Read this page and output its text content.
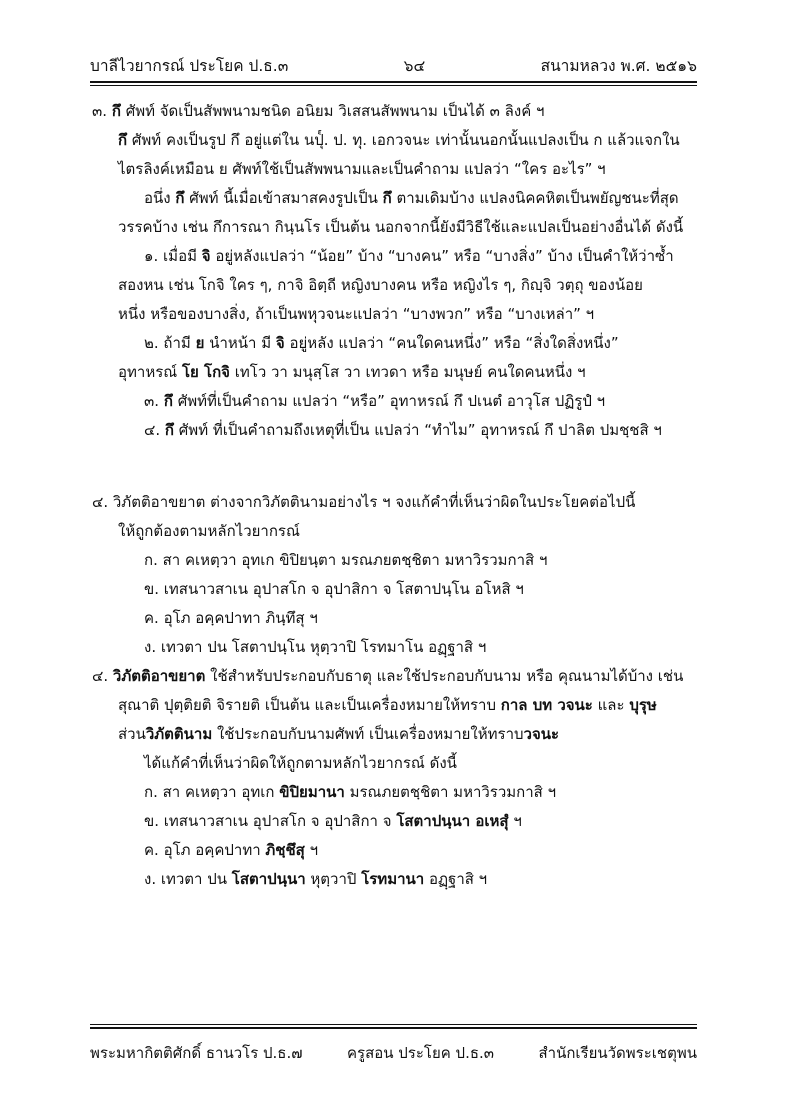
บาลีไวยากรณ์ ประโยค ป.ธ.๓	๖๔	สนามหลวง พ.ศ. ๒๕๑๖
๓. กึ ศัพท์ จัดเป็นสัพพนามชนิด อนิยม วิเสสนสัพพนาม เป็นได้ ๓ ลิงค์ ฯ
กึ ศัพท์ คงเป็นรูป กึ อยู่แต่ใน นปุ๎. ป. ทุ. เอกวจนะ เท่านั้นนอกนั้นแปลงเป็น ก แล้วแจกใน
ไตรลิงค์เหมือน ย ศัพท์ใช้เป็นสัพพนามและเป็นคำถาม แปลว่า “ใคร อะไร” ฯ
อนึ่ง กึ ศัพท์ นี้เมื่อเข้าสมาสคงรูปเป็น กึ ตามเดิมบ้าง แปลงนิคคหิตเป็นพยัญชนะที่สุด
วรรคบ้าง เช่น กึการณา กินฺนโร เป็นต้น นอกจากนี้ยังมีวิธีใช้และแปลเป็นอย่างอื่นได้ ดังนี้
๑. เมื่อมี จิ อยู่หลังแปลว่า “น้อย” บ้าง “บางคน” หรือ “บางสิ่ง” บ้าง เป็นคำให้ว่าซ้ำ
สองหน เช่น โกจิ ใคร ๆ, กาจิ อิตฺถี หญิงบางคน หรือ หญิงไร ๆ, กิญฺจิ วตฺถุ ของน้อย
หนึ่ง หรือของบางสิ่ง, ถ้าเป็นพหุวจนะแปลว่า “บางพวก” หรือ “บางเหล่า” ฯ
๒. ถ้ามี ย นำหน้า มี จิ อยู่หลัง แปลว่า “คนใดคนหนึ่ง” หรือ “สิ่งใดสิ่งหนึ่ง”
อุทาหรณ์ โย โกจิ เทโว วา มนุสฺโส วา เทวดา หรือ มนุษย์ คนใดคนหนึ่ง ฯ
๓. กึ ศัพท์ที่เป็นคำถาม แปลว่า “หรือ” อุทาหรณ์ กึ ปเนตํ อาวุโส ปฏิรูปํ ฯ
๔. กึ ศัพท์ ที่เป็นคำถามถึงเหตุที่เป็น แปลว่า “ทำไม” อุทาหรณ์ กึ ปาลิต ปมชฺชสิ ฯ
๔. วิภัตติอาขยาต ต่างจากวิภัตตินามอย่างไร ฯ จงแก้คำที่เห็นว่าผิดในประโยคต่อไปนี้
ให้ถูกต้องตามหลักไวยากรณ์
ก. สา คเหตฺวา อุทเก ขิปิยนฺตา มรณภยตชฺชิตา มหาวิรวมกาสิ ฯ
ข. เทสนาวสาเน อุปาสโก จ อุปาสิกา จ โสตาปนฺโน อโหสิ ฯ
ค. อุโภ อคฺคปาทา ภินฺทึสุ ฯ
ง. เทวตา ปน โสตาปนฺโน หุตฺวาปิ โรทมาโน อฏฺฐาสิ ฯ
๔. วิภัตติอาขยาต ใช้สำหรับประกอบกับธาตุ และใช้ประกอบกับนาม หรือ คุณนามได้บ้าง เช่น
สุณาติ ปุตฺติยติ จิรายติ เป็นต้น และเป็นเครื่องหมายให้ทราบ กาล บท วจนะ และ บุรุษ
ส่วนวิภัตตินาม ใช้ประกอบกับนามศัพท์ เป็นเครื่องหมายให้ทราบวจนะ
ได้แก้คำที่เห็นว่าผิดให้ถูกตามหลักไวยากรณ์ ดังนี้
ก. สา คเหตฺวา อุทเก ขิปิยมานา มรณภยตชฺชิตา มหาวิรวมกาสิ ฯ
ข. เทสนาวสาเน อุปาสโก จ อุปาสิกา จ โสตาปนฺนา อเหสุํ ฯ
ค. อุโภ อคฺคปาทา ภิชฺชึสุ ฯ
ง. เทวตา ปน โสตาปนฺนา หุตฺวาปิ โรทมานา อฏฺฐาสิ ฯ
พระมหากิตติศักดิ์ ธานวโร ป.ธ.๗	ครูสอน ประโยค ป.ธ.๓	สำนักเรียนวัดพระเชตุพน
